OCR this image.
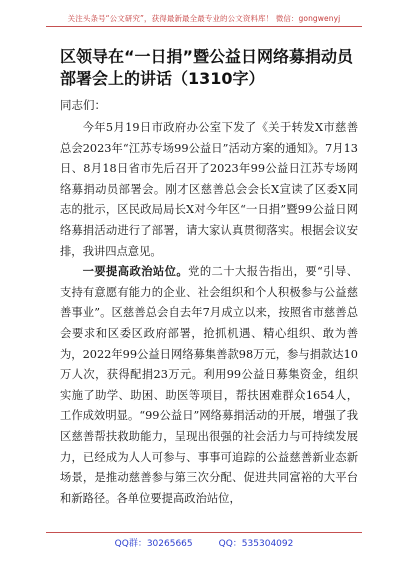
关注头条号“公文研究”，获得最新最全最专业的公文资料库！ 微信：gongwenyj
区领导在“一日捐”暨公益日网络募捐动员部署会上的讲话（1310字）
同志们：

今年5月19日市政府办公室下发了《关于转发X市慈善总会2023年“江苏专场99公益日”活动方案的通知》。7月13日、8月18日省市先后召开了2023年99公益日江苏专场网络募捐动员部署会。刚才区慈善总会会长X宣读了区委X同志的批示，区民政局局长X对今年区“一日捐”暨99公益日网络募捐活动进行了部署，请大家认真贯彻落实。根据会议安排，我讲四点意见。

一要提高政治站位。党的二十大报告指出，要“引导、支持有意愿有能力的企业、社会组织和个人积极参与公益慈善事业”。区慈善总会自去年7月成立以来，按照省市慈善总会要求和区委区政府部署，抢抓机遇、精心组织、敢为善为，2022年99公益日网络募集善款98万元，参与捐款达10万人次，获得配捐23万元。利用99公益日募集资金，组织实施了助学、助困、助医等项目，帮扶困难群众1654人，工作成效明显。“99公益日”网络募捐活动的开展，增强了我区慈善帮扶救助能力，呈现出很强的社会活力与可持续发展力，已经成为人人可参与、事事可追踪的公益慈善新业态新场景，是推动慈善参与第三次分配、促进共同富裕的大平台和新路径。各单位要提高政治站位，

QQ群：30265665	QQ：535304092
